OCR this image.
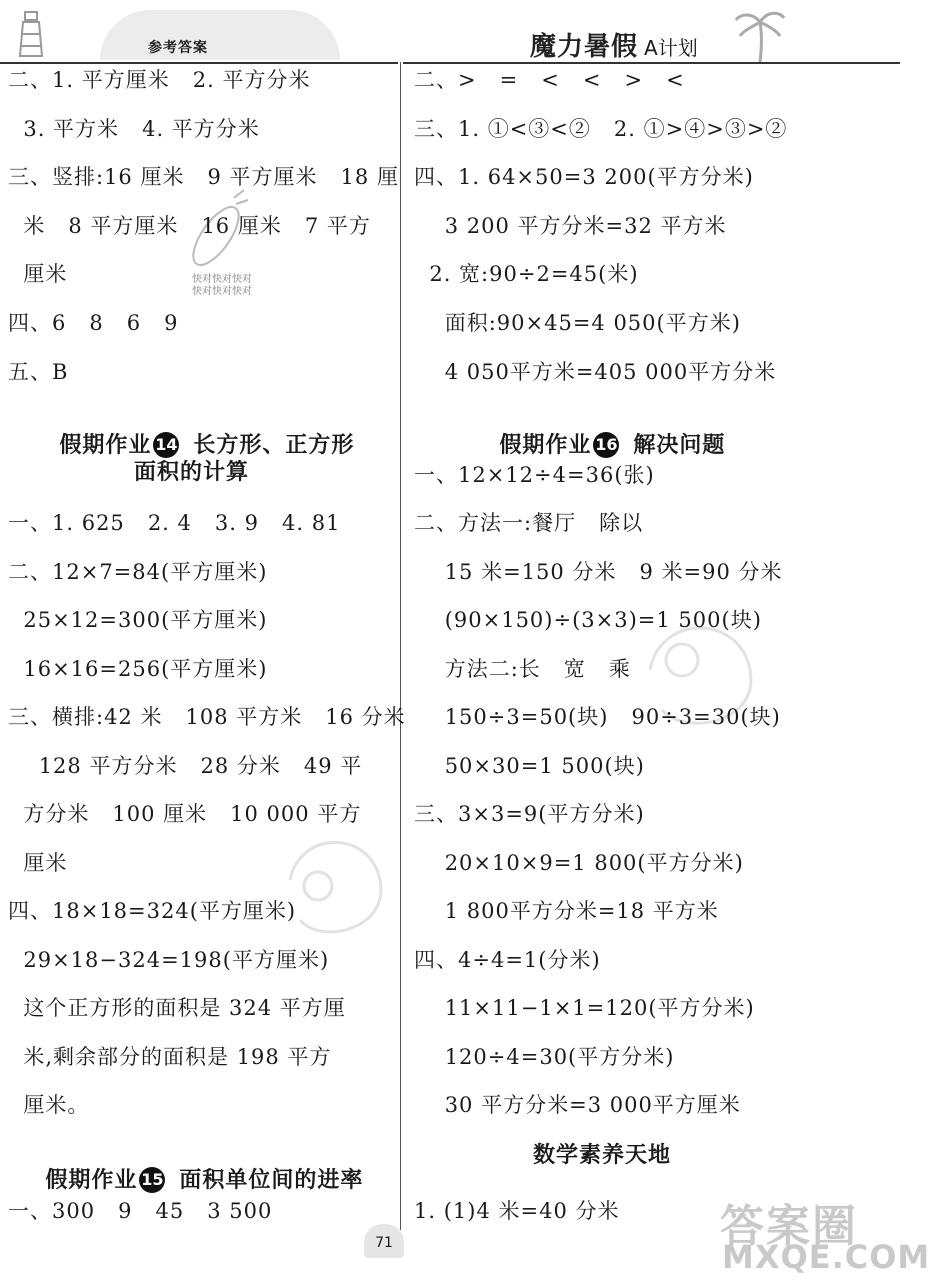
参考答案	魔力暑假 A计划
快对快对快对
快对快对快对
二、1. 平方厘米   2. 平方分米
3. 平方米   4. 平方分米
三、竖排:16 厘米   9 平方厘米   18 厘
米   8 平方厘米   16 厘米   7 平方
厘米
四、6   8   6   9
五、B

假期作业 14 长方形、正方形

面积的计算
一、1. 625   2. 4   3. 9   4. 81
二、12×7=84(平方厘米)
25×12=300(平方厘米)
16×16=256(平方厘米)
三、横排:42 米   108 平方米   16 分米
128 平方分米   28 分米   49 平
方分米   100 厘米   10 000 平方
厘米
四、18×18=324(平方厘米)
29×18−324=198(平方厘米)
这个正方形的面积是 324 平方厘
米,剩余部分的面积是 198 平方
厘米。

假期作业 15 面积单位间的进率

一、300   9   45   3 500
二、>   =   <   <   >   <
三、1. ①<③<②   2. ①>④>③>②
四、1. 64×50=3 200(平方分米)
3 200 平方分米=32 平方米
2. 宽:90÷2=45(米)
面积:90×45=4 050(平方米)
4 050平方米=405 000平方分米

假期作业 16 解决问题

一、12×12÷4=36(张)
二、方法一:餐厅   除以
15 米=150 分米   9 米=90 分米
(90×150)÷(3×3)=1 500(块)
方法二:长   宽   乘
150÷3=50(块)   90÷3=30(块)
50×30=1 500(块)
三、3×3=9(平方分米)
20×10×9=1 800(平方分米)
1 800平方分米=18 平方米
四、4÷4=1(分米)
11×11−1×1=120(平方分米)
120÷4=30(平方分米)
30 平方分米=3 000平方厘米
数学素养天地
1. (1)4 米=40 分米
71	答案圈
MXQE.COM
